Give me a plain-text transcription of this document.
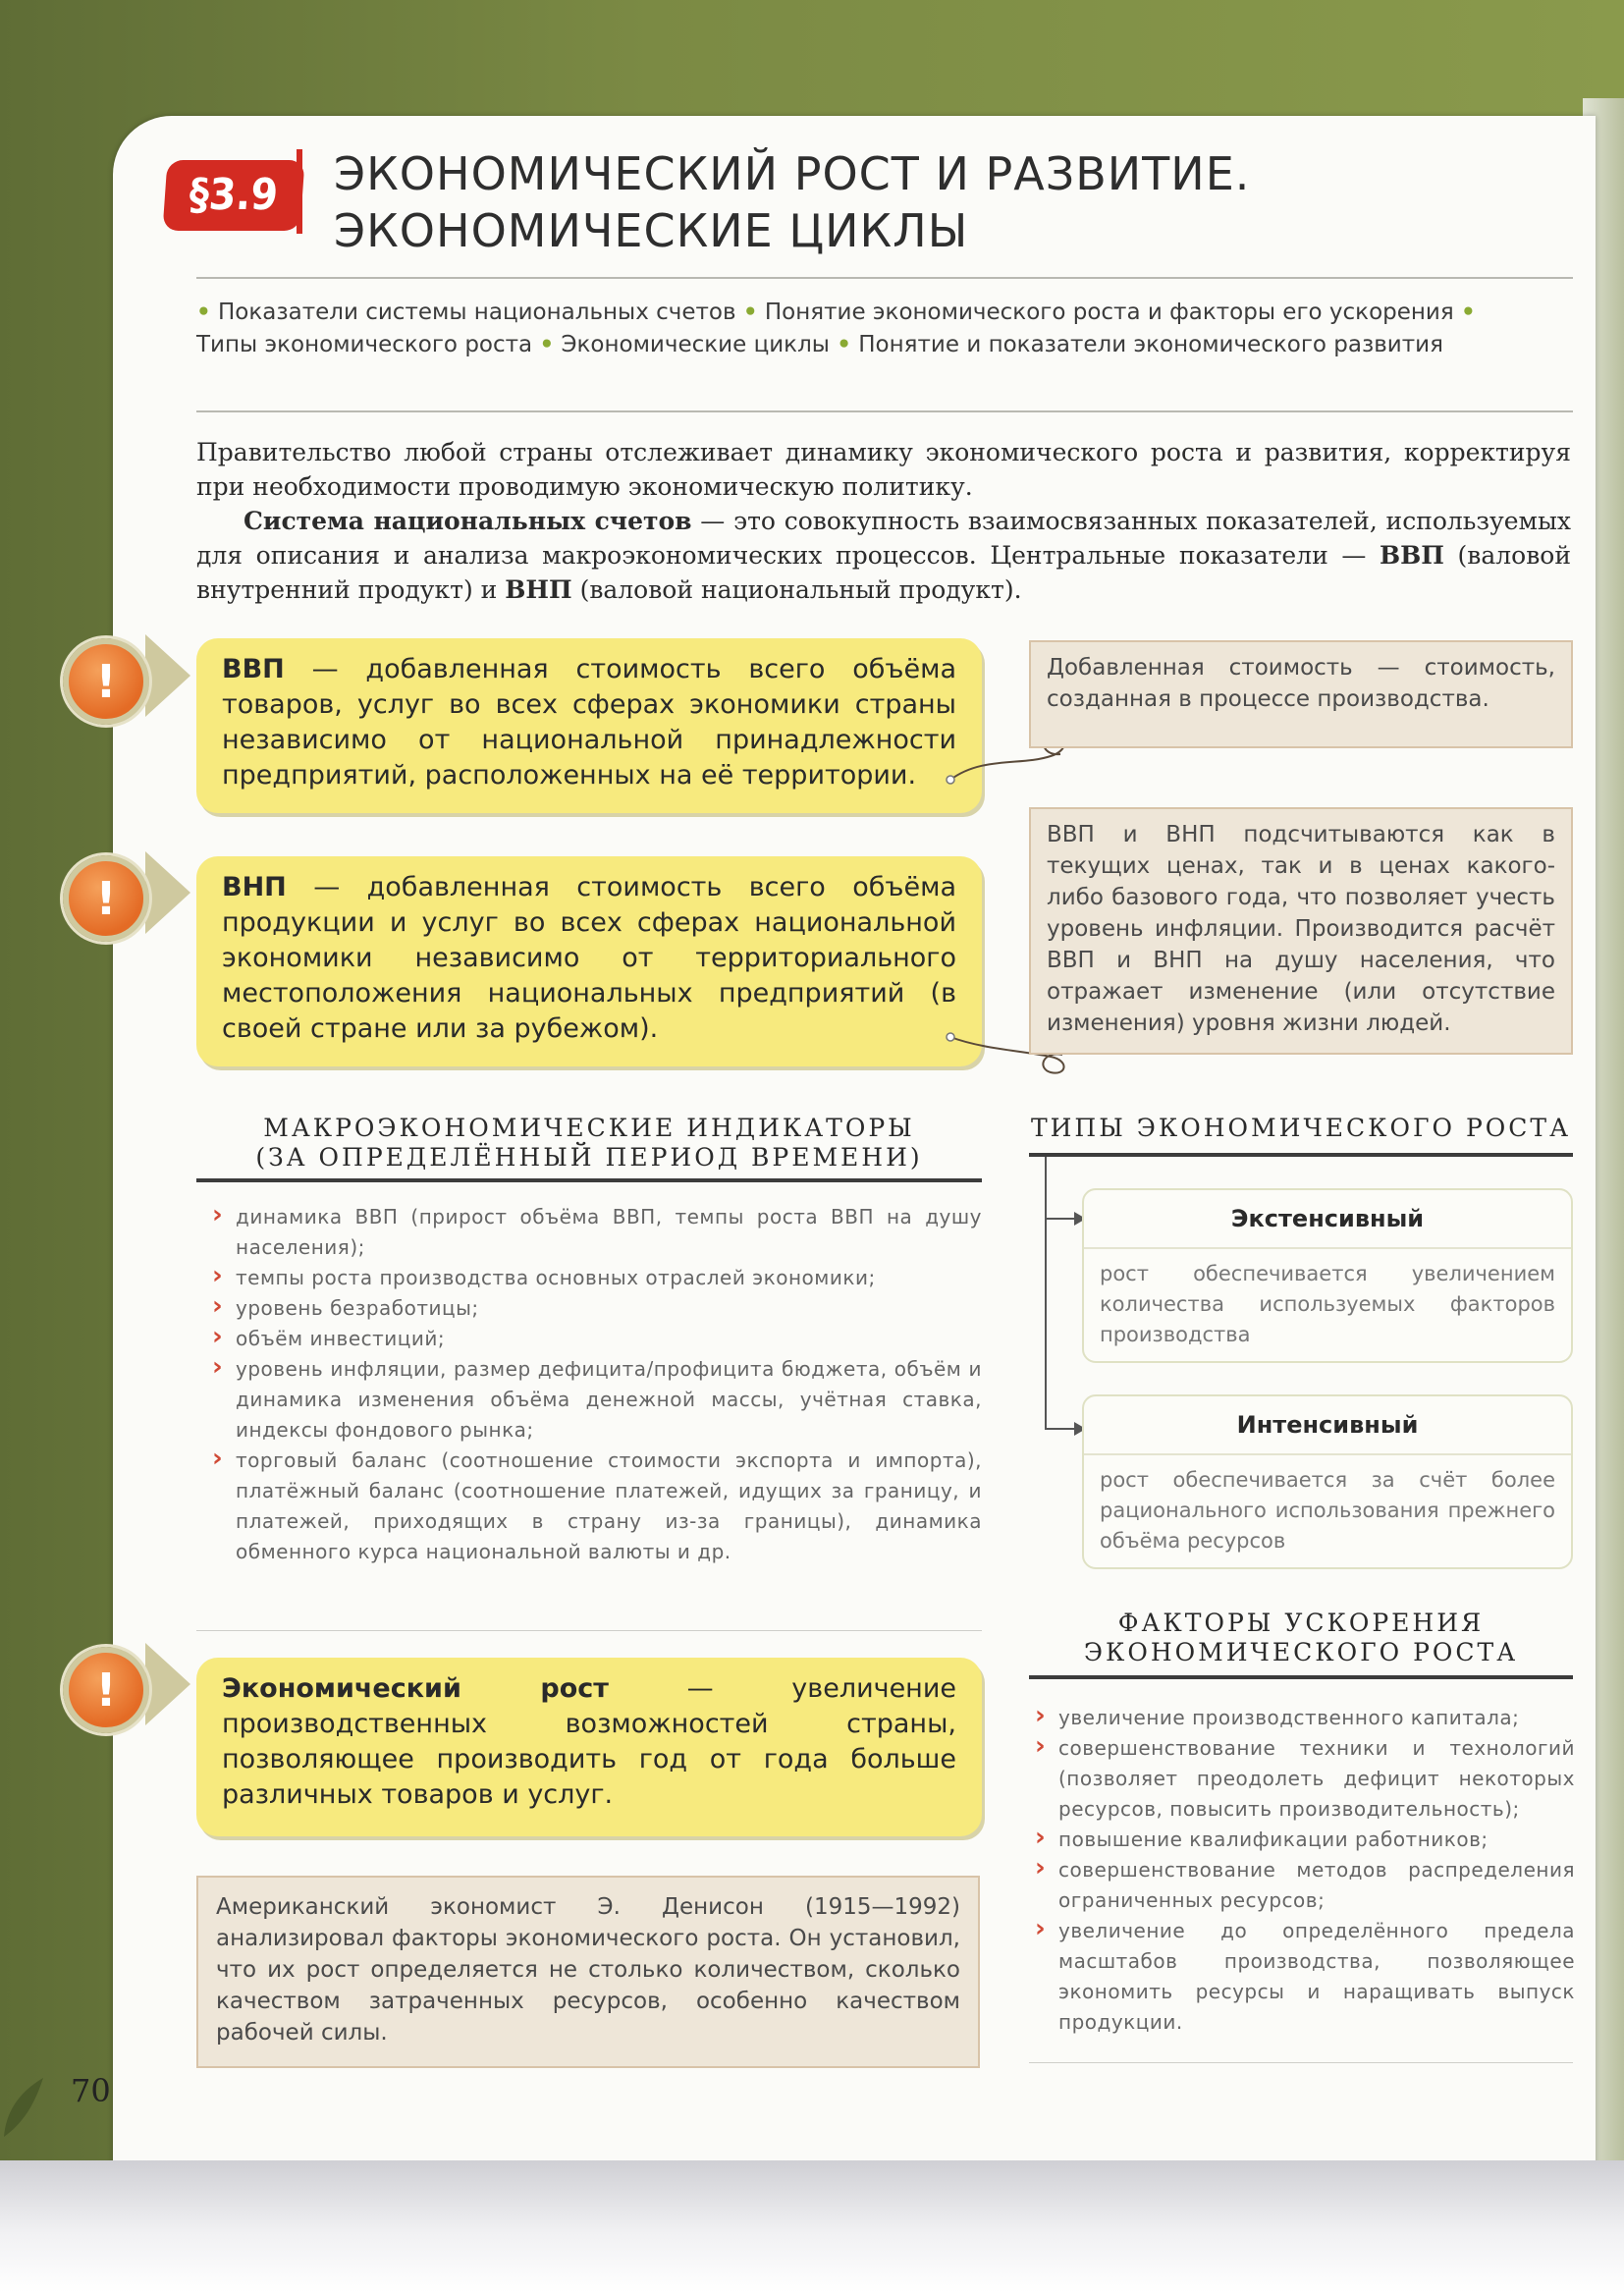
§3.9	ЭКОНОМИЧЕСКИЙ РОСТ И РАЗВИТИЕ.
ЭКОНОМИЧЕСКИЕ ЦИКЛЫ
• Показатели системы национальных счетов • Понятие экономического роста и факторы его ускорения • Типы экономического роста • Экономические циклы • Понятие и показатели экономического развития

Правительство любой страны отслеживает динамику экономического роста и развития, корректируя при необходимости проводимую экономическую политику.

Система национальных счетов — это совокупность взаимосвязанных показателей, используемых для описания и анализа макроэкономических процессов. Центральные показатели — ВВП (валовой внутренний продукт) и ВНП (валовой национальный продукт).

!
!
!
ВВП — добавленная стоимость всего объёма товаров, услуг во всех сферах экономики страны независимо от национальной принадлежности предприятий, расположенных на её территории.
ВНП — добавленная стоимость всего объёма продукции и услуг во всех сферах национальной экономики независимо от территориального местоположения национальных предприятий (в своей стране или за рубежом).
Добавленная стоимость — стоимость, созданная в процессе производства.
ВВП и ВНП подсчитываются как в текущих ценах, так и в ценах какого-либо базового года, что позволяет учесть уровень инфляции. Производится расчёт ВВП и ВНП на душу населения, что отражает изменение (или отсутствие изменения) уровня жизни людей.
МАКРОЭКОНОМИЧЕСКИЕ ИНДИКАТОРЫ
(ЗА ОПРЕДЕЛЁННЫЙ ПЕРИОД ВРЕМЕНИ)
› динамика ВВП (прирост объёма ВВП, темпы роста ВВП на душу населения);
› темпы роста производства основных отраслей экономики;
› уровень безработицы;
› объём инвестиций;
› уровень инфляции, размер дефицита/профицита бюджета, объём и динамика изменения объёма денежной массы, учётная ставка, индексы фондового рынка;
› торговый баланс (соотношение стоимости экспорта и импорта), платёжный баланс (соотношение платежей, идущих за границу, и платежей, приходящих в страну из-за границы), динамика обменного курса национальной валюты и др.
ТИПЫ ЭКОНОМИЧЕСКОГО РОСТА
Экстенсивный
рост обеспечивается увеличением количества используемых факторов производства
Интенсивный
рост обеспечивается за счёт более рационального использования прежнего объёма ресурсов
ФАКТОРЫ УСКОРЕНИЯ
ЭКОНОМИЧЕСКОГО РОСТА
› увеличение производственного капитала;
› совершенствование техники и технологий (позволяет преодолеть дефицит некоторых ресурсов, повысить производительность);
› повышение квалификации работников;
› совершенствование методов распределения ограниченных ресурсов;
› увеличение до определённого предела масштабов производства, позволяющее экономить ресурсы и наращивать выпуск продукции.
Экономический рост — увеличение производственных возможностей страны, позволяющее производить год от года больше различных товаров и услуг.
Американский экономист Э. Денисон (1915—1992) анализировал факторы экономического роста. Он установил, что их рост определяется не столько количеством, сколько качеством затраченных ресурсов, особенно качеством рабочей силы.
70
